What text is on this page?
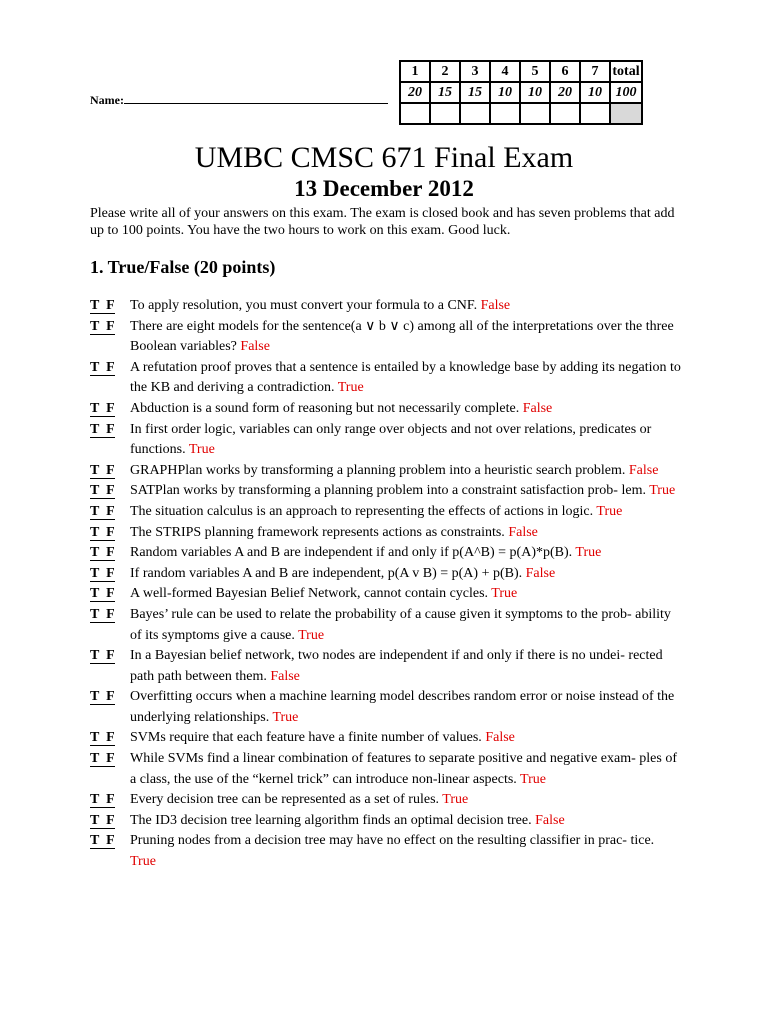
Name:
1	2	3	4	5	6	7	total
20	15	15	10	10	20	10	100

UMBC CMSC 671 Final Exam
13 December 2012
Please write all of your answers on this exam. The exam is closed book and has seven problems that add up to 100 points. You have the two hours to work on this exam. Good luck.
1. True/False (20 points)
T  F	To apply resolution, you must convert your formula to a CNF. False
T  F	There are eight models for the sentence(a ∨ b ∨ c) among all of the interpretations over the three Boolean variables? False
T  F	A refutation proof proves that a sentence is entailed by a knowledge base by adding its negation to the KB and deriving a contradiction. True
T  F	Abduction is a sound form of reasoning but not necessarily complete. False
T  F	In first order logic, variables can only range over objects and not over relations, predicates or functions. True
T  F	GRAPHPlan works by transforming a planning problem into a heuristic search problem. False
T  F	SATPlan works by transforming a planning problem into a constraint satisfaction prob- lem. True
T  F	The situation calculus is an approach to representing the effects of actions in logic. True
T  F	The STRIPS planning framework represents actions as constraints. False
T  F	Random variables A and B are independent if and only if p(A^B) = p(A)*p(B). True
T  F	If random variables A and B are independent, p(A v B) = p(A) + p(B). False
T  F	A well-formed Bayesian Belief Network, cannot contain cycles. True
T  F	Bayes’ rule can be used to relate the probability of a cause given it symptoms to the prob- ability of its symptoms give a cause. True
T  F	In a Bayesian belief network, two nodes are independent if and only if there is no undei- rected path path between them. False
T  F	Overfitting occurs when a machine learning model describes random error or noise instead of the underlying relationships. True
T  F	SVMs require that each feature have a finite number of values. False
T  F	While SVMs find a linear combination of features to separate positive and negative exam- ples of a class, the use of the “kernel trick” can introduce non-linear aspects. True
T  F	Every decision tree can be represented as a set of rules. True
T  F	The ID3 decision tree learning algorithm finds an optimal decision tree. False
T  F	Pruning nodes from a decision tree may have no effect on the resulting classifier in prac- tice. True
